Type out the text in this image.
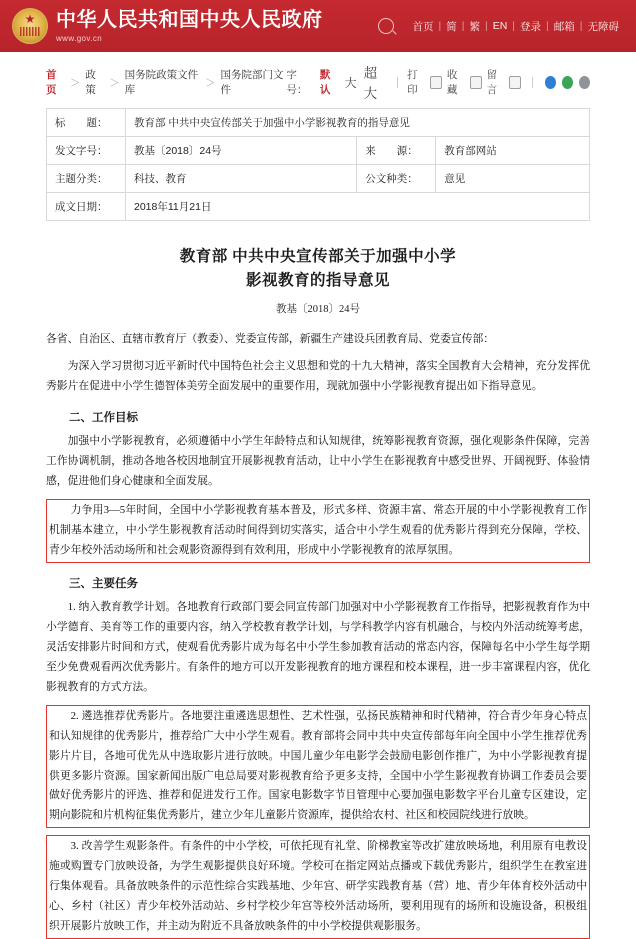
★
中华人民共和国中央人民政府
www.gov.cn
首页 | 简 | 繁 | EN | 登录 | 邮箱 | 无障碍
首页
＞
政策
＞
国务院政策文件库
＞
国务院部门文件
字号：
默认
大
超大
打印
收藏
留言
标　　题：	教育部 中共中央宣传部关于加强中小学影视教育的指导意见		
发文字号：	教基〔2018〕24号	来　　源：	教育部网站
主题分类：	科技、教育	公文种类：	意见
成文日期：	2018年11月21日		
教育部 中共中央宣传部关于加强中小学
影视教育的指导意见
教基〔2018〕24号

各省、自治区、直辖市教育厅（教委）、党委宣传部，新疆生产建设兵团教育局、党委宣传部：

为深入学习贯彻习近平新时代中国特色社会主义思想和党的十九大精神，落实全国教育大会精神，充分发挥优秀影片在促进中小学生德智体美劳全面发展中的重要作用，现就加强中小学影视教育提出如下指导意见。

二、工作目标

加强中小学影视教育，必须遵循中小学生年龄特点和认知规律，统筹影视教育资源，强化观影条件保障，完善工作协调机制，推动各地各校因地制宜开展影视教育活动，让中小学生在影视教育中感受世界、开阔视野、体验情感，促进他们身心健康和全面发展。

力争用3—5年时间，全国中小学影视教育基本普及，形式多样、资源丰富、常态开展的中小学影视教育工作机制基本建立，中小学生影视教育活动时间得到切实落实，适合中小学生观看的优秀影片得到充分保障，学校、青少年校外活动场所和社会观影资源得到有效利用，形成中小学影视教育的浓厚氛围。

三、主要任务

1. 纳入教育教学计划。各地教育行政部门要会同宣传部门加强对中小学影视教育工作指导，把影视教育作为中小学德育、美育等工作的重要内容，纳入学校教育教学计划，与学科教学内容有机融合，与校内外活动统筹考虑，灵活安排影片时间和方式，使观看优秀影片成为每名中小学生参加教育活动的常态内容，保障每名中小学生每学期至少免费观看两次优秀影片。有条件的地方可以开发影视教育的地方课程和校本课程，进一步丰富课程内容，优化影视教育的方式方法。

2. 遴选推荐优秀影片。各地要注重遴选思想性、艺术性强，弘扬民族精神和时代精神，符合青少年身心特点和认知规律的优秀影片，推荐给广大中小学生观看。教育部将会同中共中央宣传部每年向全国中小学生推荐优秀影片片目，各地可优先从中选取影片进行放映。中国儿童少年电影学会鼓励电影创作推广，为中小学影视教育提供更多影片资源。国家新闻出版广电总局要对影视教育给予更多支持，全国中小学生影视教育协调工作委员会要做好优秀影片的评选、推荐和促进发行工作。国家电影数字节目管理中心要加强电影数字平台儿童专区建设，定期向影院和片机构征集优秀影片，建立少年儿童影片资源库，提供给农村、社区和校园院线进行放映。

3. 改善学生观影条件。有条件的中小学校，可依托现有礼堂、阶梯教室等改扩建放映场地，利用原有电教设施或购置专门放映设备，为学生观影提供良好环境。学校可在指定网站点播或下载优秀影片，组织学生在教室进行集体观看。具备放映条件的示范性综合实践基地、少年宫、研学实践教育基（营）地、青少年体育校外活动中心、乡村（社区）青少年校外活动站、乡村学校少年宫等校外活动场所，要利用现有的场所和设施设备，积极组织开展影片放映工作，并主动为附近不具备放映条件的中小学校提供观影服务。
